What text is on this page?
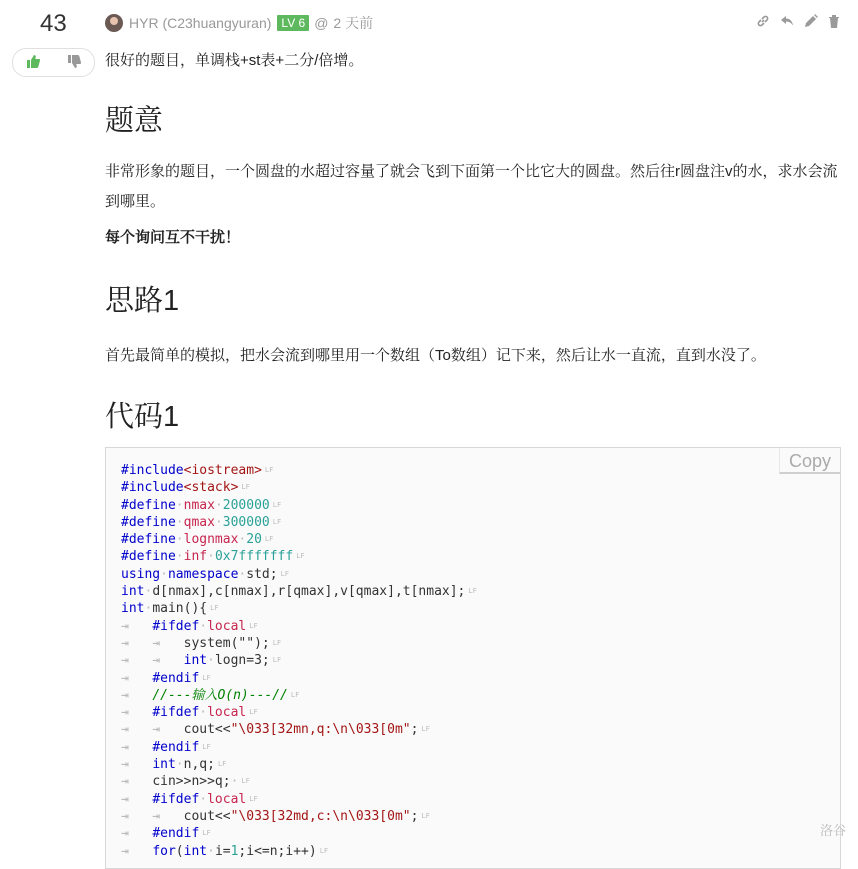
43	HYR (C23huangyuran) LV 6 @ 2 天前

很好的题目，单调栈+st表+二分/倍增。

题意

非常形象的题目，一个圆盘的水超过容量了就会飞到下面第一个比它大的圆盘。然后往r圆盘注v的水，求水会流到哪里。

每个询问互不干扰！

思路1

首先最简单的模拟，把水会流到哪里用一个数组（To数组）记下来，然后让水一直流，直到水没了。

代码1
Copy
#include<iostream> LF
#include<stack> LF
#define·nmax·200000 LF
#define·qmax·300000 LF
#define·lognmax·20 LF
#define·inf·0x7fffffff LF
using·namespace·std; LF
int·d[nmax],c[nmax],r[qmax],v[qmax],t[nmax]; LF
int·main(){ LF
⇥   #ifdef·local LF
⇥   ⇥   system(""); LF
⇥   ⇥   int·logn=3; LF
⇥   #endif LF
⇥   //---输入O(n)---// LF
⇥   #ifdef·local LF
⇥   ⇥   cout<<"\033[32mn,q:\n\033[0m"; LF
⇥   #endif LF
⇥   int·n,q; LF
⇥   cin>>n>>q;· LF
⇥   #ifdef·local LF
⇥   ⇥   cout<<"\033[32md,c:\n\033[0m"; LF
⇥   #endif LF
⇥   for(int·i=1;i<=n;i++) LF
洛谷
